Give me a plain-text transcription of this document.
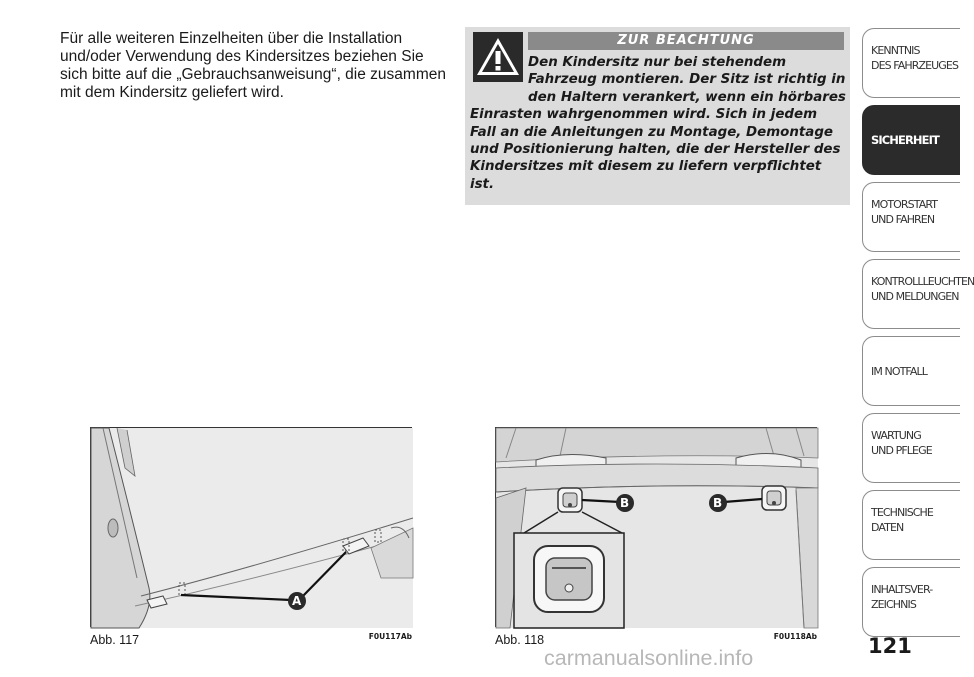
Für alle weiteren Einzelheiten über die Installation und/oder Verwendung des Kindersitzes beziehen Sie sich bitte auf die „Gebrauchsanweisung“, die zusammen mit dem Kindersitz geliefert wird.

ZUR BEACHTUNG
Den Kindersitz nur bei stehendem Fahrzeug montieren. Der Sitz ist richtig in den Haltern verankert, wenn ein hörbares Einrasten wahrgenommen wird. Sich in jedem Fall an die Anleitungen zu Montage, Demontage und Positionierung halten, die der Hersteller des Kindersitzes mit diesem zu liefern verpflichtet ist.
KENNTNIS
DES FAHRZEUGES
SICHERHEIT
MOTORSTART
UND FAHREN
KONTROLLLEUCHTEN
UND MELDUNGEN
IM NOTFALL
WARTUNG
UND PFLEGE
TECHNISCHE
DATEN
INHALTSVER-
ZEICHNIS
A
Abb. 117	F0U117Ab
B	B
Abb. 118	F0U118Ab 121
carmanualsonline.info
